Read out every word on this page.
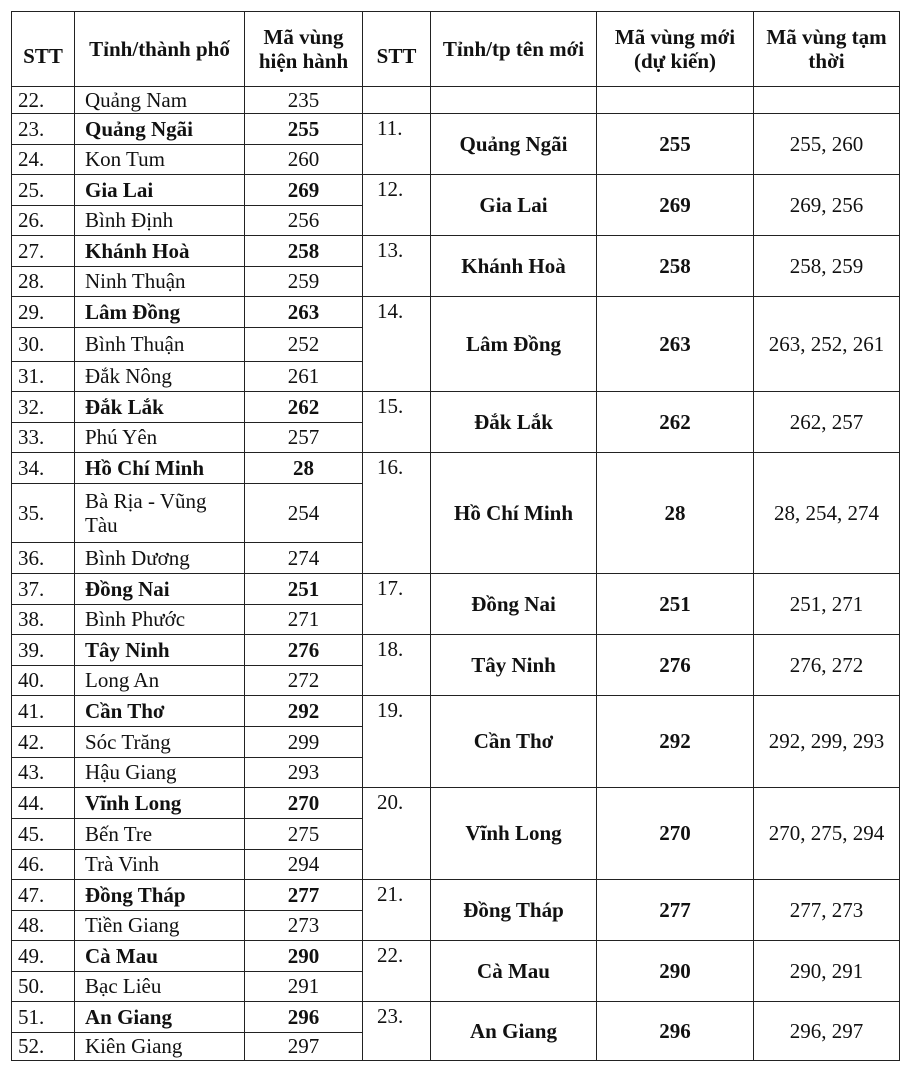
STT	Tỉnh/thành phố	Mã vùng hiện hành	STT	Tỉnh/tp tên mới	Mã vùng mới (dự kiến)	Mã vùng tạm thời
22.	Quảng Nam	235				
23.	Quảng Ngãi	255	11.	Quảng Ngãi	255	255, 260
24.	Kon Tum	260				
25.	Gia Lai	269	12.	Gia Lai	269	269, 256
26.	Bình Định	256				
27.	Khánh Hoà	258	13.	Khánh Hoà	258	258, 259
28.	Ninh Thuận	259				
29.	Lâm Đồng	263	14.	Lâm Đồng	263	263, 252, 261
30.	Bình Thuận	252				
31.	Đắk Nông	261				
32.	Đắk Lắk	262	15.	Đắk Lắk	262	262, 257
33.	Phú Yên	257				
34.	Hồ Chí Minh	28	16.	Hồ Chí Minh	28	28, 254, 274
35.	Bà Rịa - Vũng Tàu	254				
36.	Bình Dương	274				
37.	Đồng Nai	251	17.	Đồng Nai	251	251, 271
38.	Bình Phước	271				
39.	Tây Ninh	276	18.	Tây Ninh	276	276, 272
40.	Long An	272				
41.	Cần Thơ	292	19.	Cần Thơ	292	292, 299, 293
42.	Sóc Trăng	299				
43.	Hậu Giang	293				
44.	Vĩnh Long	270	20.	Vĩnh Long	270	270, 275, 294
45.	Bến Tre	275				
46.	Trà Vinh	294				
47.	Đồng Tháp	277	21.	Đồng Tháp	277	277, 273
48.	Tiền Giang	273				
49.	Cà Mau	290	22.	Cà Mau	290	290, 291
50.	Bạc Liêu	291				
51.	An Giang	296	23.	An Giang	296	296, 297
52.	Kiên Giang	297				
